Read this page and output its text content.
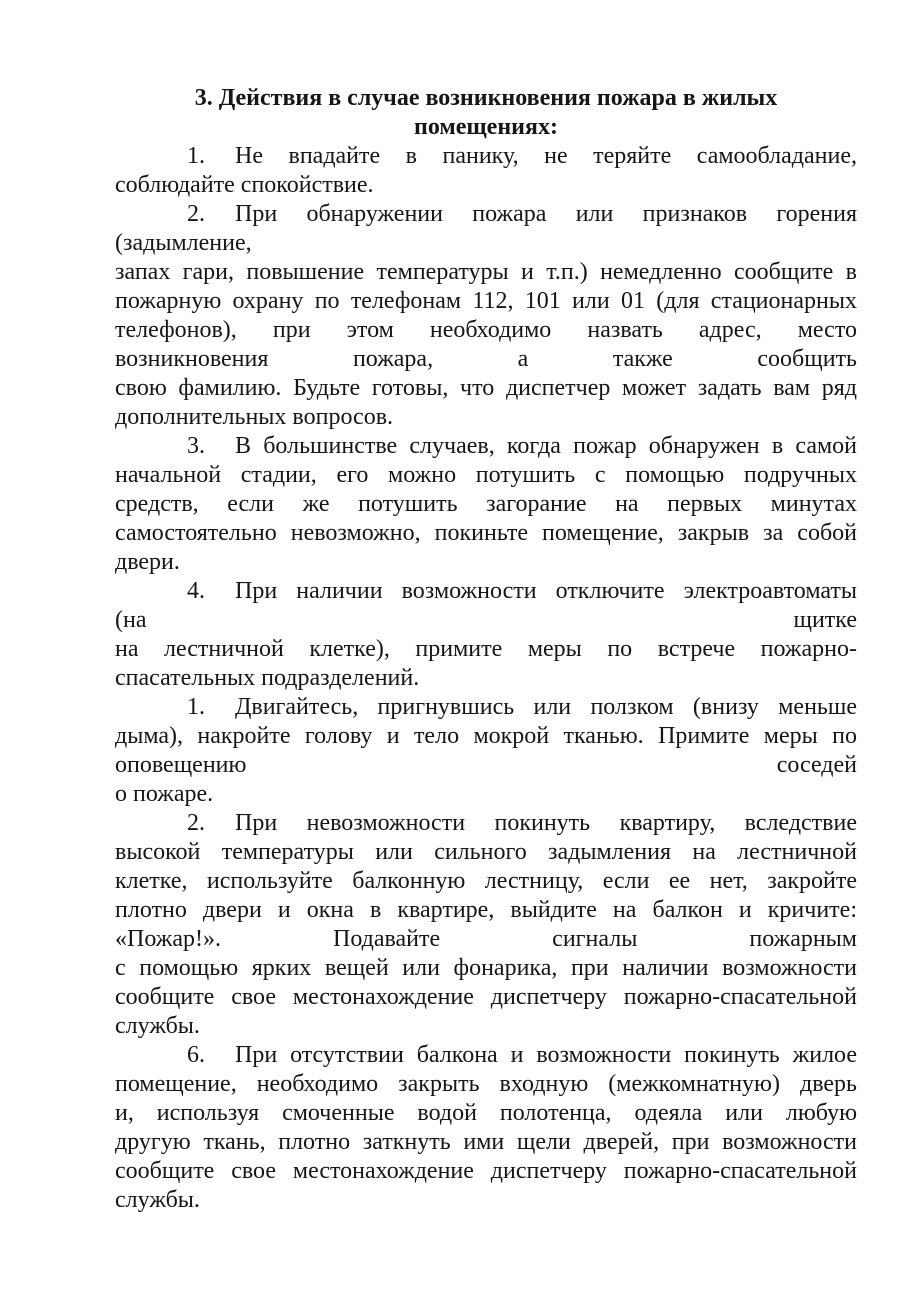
3. Действия в случае возникновения пожара в жилых
помещениях:
1. Не впадайте в панику, не теряйте самообладание,
соблюдайте спокойствие.
2. При обнаружении пожара или признаков горения
(задымление,
запах гари, повышение температуры и т.п.) немедленно сообщите в
пожарную охрану по телефонам 112, 101 или 01 (для стационарных
телефонов), при этом необходимо назвать адрес, место
возникновения пожара, а также сообщить
свою фамилию. Будьте готовы, что диспетчер может задать вам ряд
дополнительных вопросов.
3. В большинстве случаев, когда пожар обнаружен в самой
начальной стадии, его можно потушить с помощью подручных
средств, если же потушить загорание на первых минутах
самостоятельно невозможно, покиньте помещение, закрыв за собой
двери.
4. При наличии возможности отключите электроавтоматы
(на щитке
на лестничной клетке), примите меры по встрече пожарно-
спасательных подразделений.
1. Двигайтесь, пригнувшись или ползком (внизу меньше
дыма), накройте голову и тело мокрой тканью. Примите меры по
оповещению соседей
о пожаре.
2. При невозможности покинуть квартиру, вследствие
высокой температуры или сильного задымления на лестничной
клетке, используйте балконную лестницу, если ее нет, закройте
плотно двери и окна в квартире, выйдите на балкон и кричите:
«Пожар!». Подавайте сигналы пожарным
с помощью ярких вещей или фонарика, при наличии возможности
сообщите свое местонахождение диспетчеру пожарно-спасательной
службы.
6. При отсутствии балкона и возможности покинуть жилое
помещение, необходимо закрыть входную (межкомнатную) дверь
и, используя смоченные водой полотенца, одеяла или любую
другую ткань, плотно заткнуть ими щели дверей, при возможности
сообщите свое местонахождение диспетчеру пожарно-спасательной
службы.
